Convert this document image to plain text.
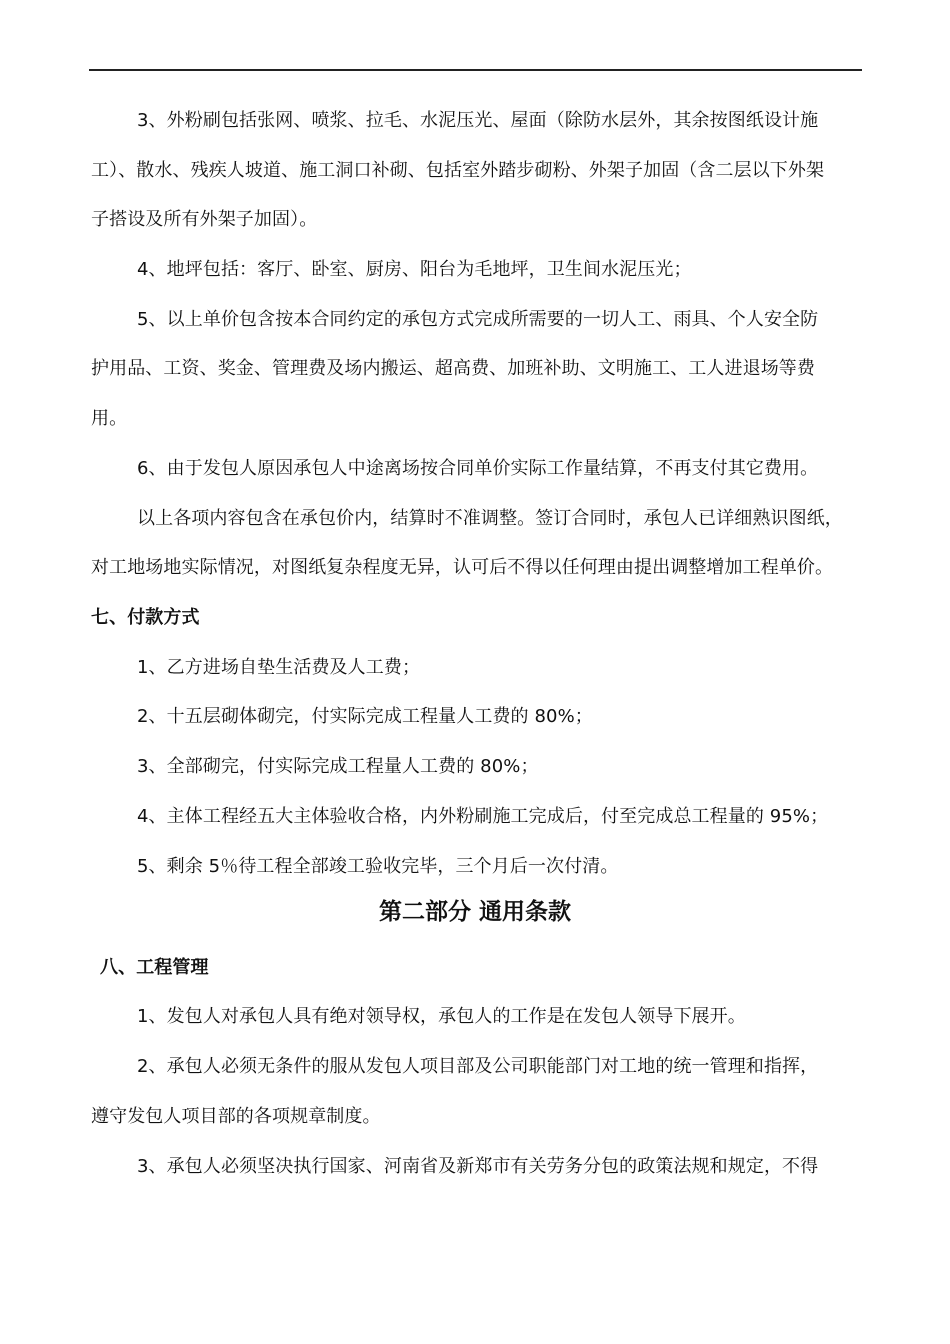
3、外粉刷包括张网、喷浆、拉毛、水泥压光、屋面（除防水层外，其余按图纸设计施
工）、散水、残疾人坡道、施工洞口补砌、包括室外踏步砌粉、外架子加固（含二层以下外架
子搭设及所有外架子加固）。
4、地坪包括：客厅、卧室、厨房、阳台为毛地坪，卫生间水泥压光；
5、以上单价包含按本合同约定的承包方式完成所需要的一切人工、雨具、个人安全防
护用品、工资、奖金、管理费及场内搬运、超高费、加班补助、文明施工、工人进退场等费
用。
6、由于发包人原因承包人中途离场按合同单价实际工作量结算，不再支付其它费用。
以上各项内容包含在承包价内，结算时不准调整。签订合同时，承包人已详细熟识图纸，
对工地场地实际情况，对图纸复杂程度无异，认可后不得以任何理由提出调整增加工程单价。
七、付款方式
1、乙方进场自垫生活费及人工费；
2、十五层砌体砌完，付实际完成工程量人工费的 80%；
3、全部砌完，付实际完成工程量人工费的 80%；
4、主体工程经五大主体验收合格，内外粉刷施工完成后，付至完成总工程量的 95%；
5、剩余 5％待工程全部竣工验收完毕，三个月后一次付清。
第二部分 通用条款
八、工程管理
1、发包人对承包人具有绝对领导权，承包人的工作是在发包人领导下展开。
2、承包人必须无条件的服从发包人项目部及公司职能部门对工地的统一管理和指挥，
遵守发包人项目部的各项规章制度。
3、承包人必须坚决执行国家、河南省及新郑市有关劳务分包的政策法规和规定，不得
